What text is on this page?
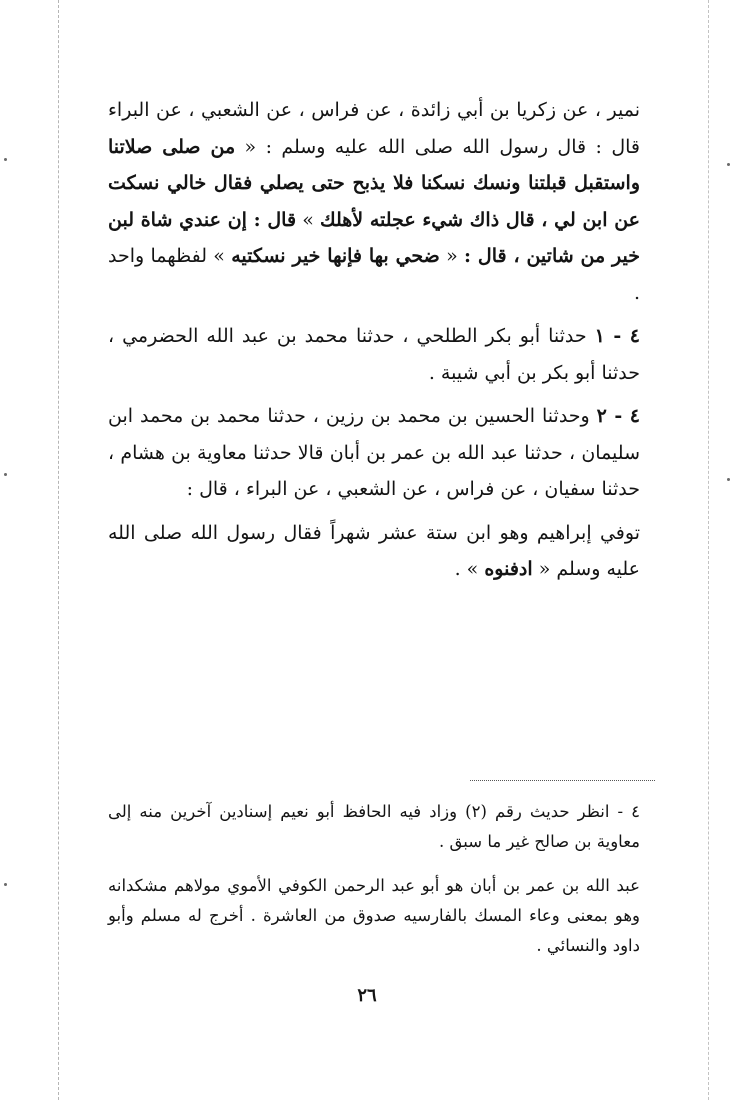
نمير ، عن زكريا بن أبي زائدة ، عن فراس ، عن الشعبي ، عن البراء قال : قال رسول الله صلى الله عليه وسلم : « من صلى صلاتنا واستقبل قبلتنا ونسك نسكنا فلا يذبح حتى يصلي فقال خالي نسكت عن ابن لي ، قال ذاك شيء عجلته لأهلك » قال : إن عندي شاة لبن خير من شاتين ، قال : « ضحي بها فإنها خير نسكتيه » لفظهما واحد .

٤ - ١ حدثنا أبو بكر الطلحي ، حدثنا محمد بن عبد الله الحضرمي ، حدثنا أبو بكر بن أبي شيبة .

٤ - ٢ وحدثنا الحسين بن محمد بن رزين ، حدثنا محمد بن محمد ابن سليمان ، حدثنا عبد الله بن عمر بن أبان قالا حدثنا معاوية بن هشام ، حدثنا سفيان ، عن فراس ، عن الشعبي ، عن البراء ، قال :

توفي إبراهيم وهو ابن ستة عشر شهراً فقال رسول الله صلى الله عليه وسلم « ادفنوه » .

٤ - انظر حديث رقم (٢) وزاد فيه الحافظ أبو نعيم إسنادين آخرين منه إلى معاوية بن صالح غير ما سبق .

عبد الله بن عمر بن أبان هو أبو عبد الرحمن الكوفي الأموي مولاهم مشكدانه وهو بمعنى وعاء المسك بالفارسيه صدوق من العاشرة . أخرج له مسلم وأبو داود والنسائي .

٢٦
